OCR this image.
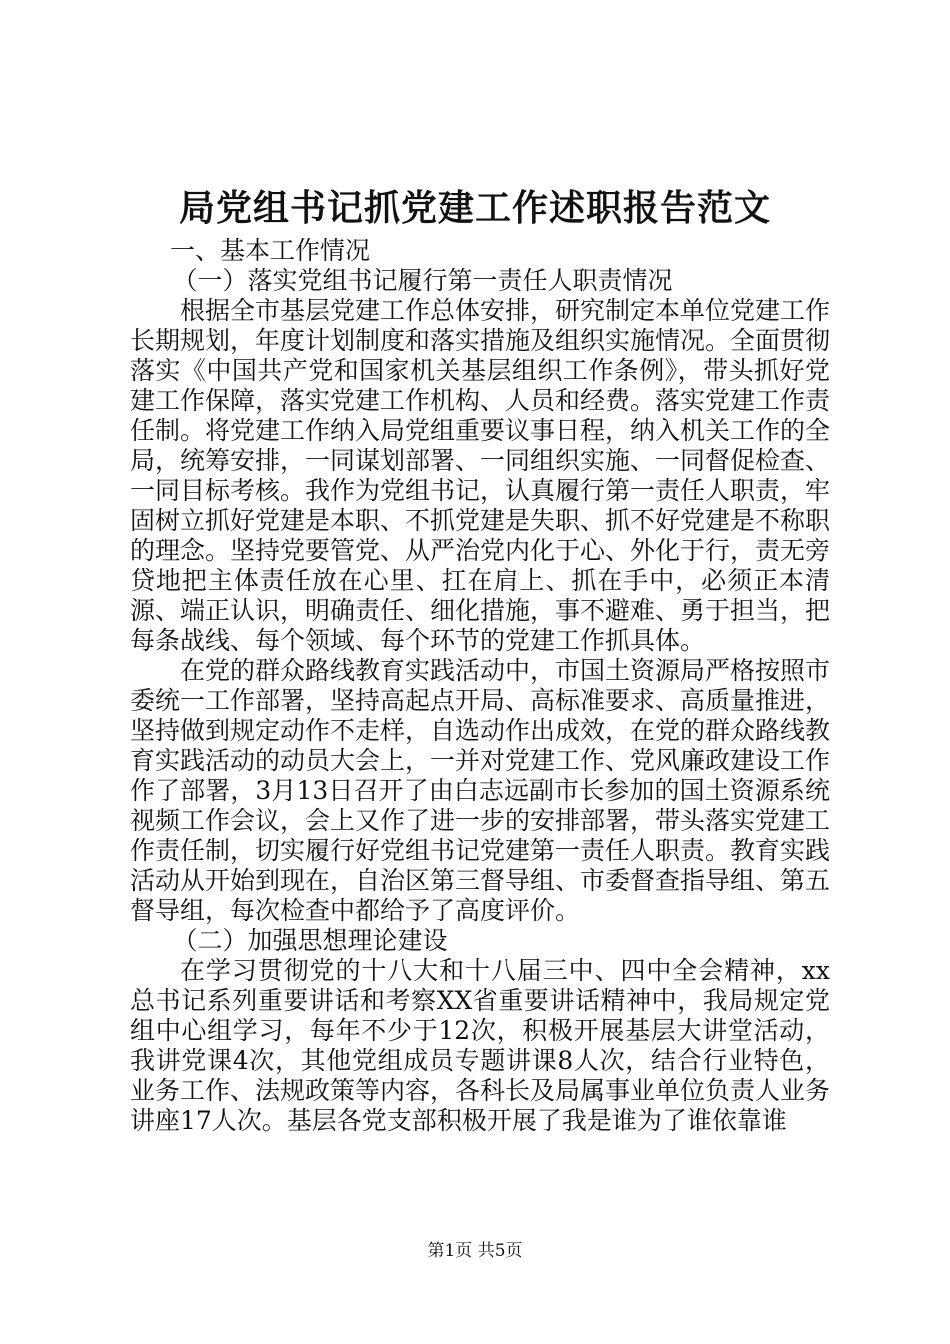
局党组书记抓党建工作述职报告范文

一、基本工作情况

（一）落实党组书记履行第一责任人职责情况

根据全市基层党建工作总体安排，研究制定本单位党建工作长期规划，年度计划制度和落实措施及组织实施情况。全面贯彻落实《中国共产党和国家机关基层组织工作条例》，带头抓好党建工作保障，落实党建工作机构、人员和经费。落实党建工作责任制。将党建工作纳入局党组重要议事日程，纳入机关工作的全局，统筹安排，一同谋划部署、一同组织实施、一同督促检查、一同目标考核。我作为党组书记，认真履行第一责任人职责，牢固树立抓好党建是本职、不抓党建是失职、抓不好党建是不称职的理念。坚持党要管党、从严治党内化于心、外化于行，责无旁贷地把主体责任放在心里、扛在肩上、抓在手中，必须正本清源、端正认识，明确责任、细化措施，事不避难、勇于担当，把每条战线、每个领域、每个环节的党建工作抓具体。

在党的群众路线教育实践活动中，市国土资源局严格按照市委统一工作部署，坚持高起点开局、高标准要求、高质量推进，坚持做到规定动作不走样，自选动作出成效，在党的群众路线教育实践活动的动员大会上，一并对党建工作、党风廉政建设工作作了部署，3月13日召开了由白志远副市长参加的国土资源系统视频工作会议，会上又作了进一步的安排部署，带头落实党建工作责任制，切实履行好党组书记党建第一责任人职责。教育实践活动从开始到现在，自治区第三督导组、市委督查指导组、第五督导组，每次检查中都给予了高度评价。

（二）加强思想理论建设

在学习贯彻党的十八大和十八届三中、四中全会精神，xx总书记系列重要讲话和考察XX省重要讲话精神中，我局规定党组中心组学习，每年不少于12次，积极开展基层大讲堂活动，我讲党课4次，其他党组成员专题讲课8人次，结合行业特色，业务工作、法规政策等内容，各科长及局属事业单位负责人业务讲座17人次。基层各党支部积极开展了我是谁为了谁依靠谁

第1页 共5页
